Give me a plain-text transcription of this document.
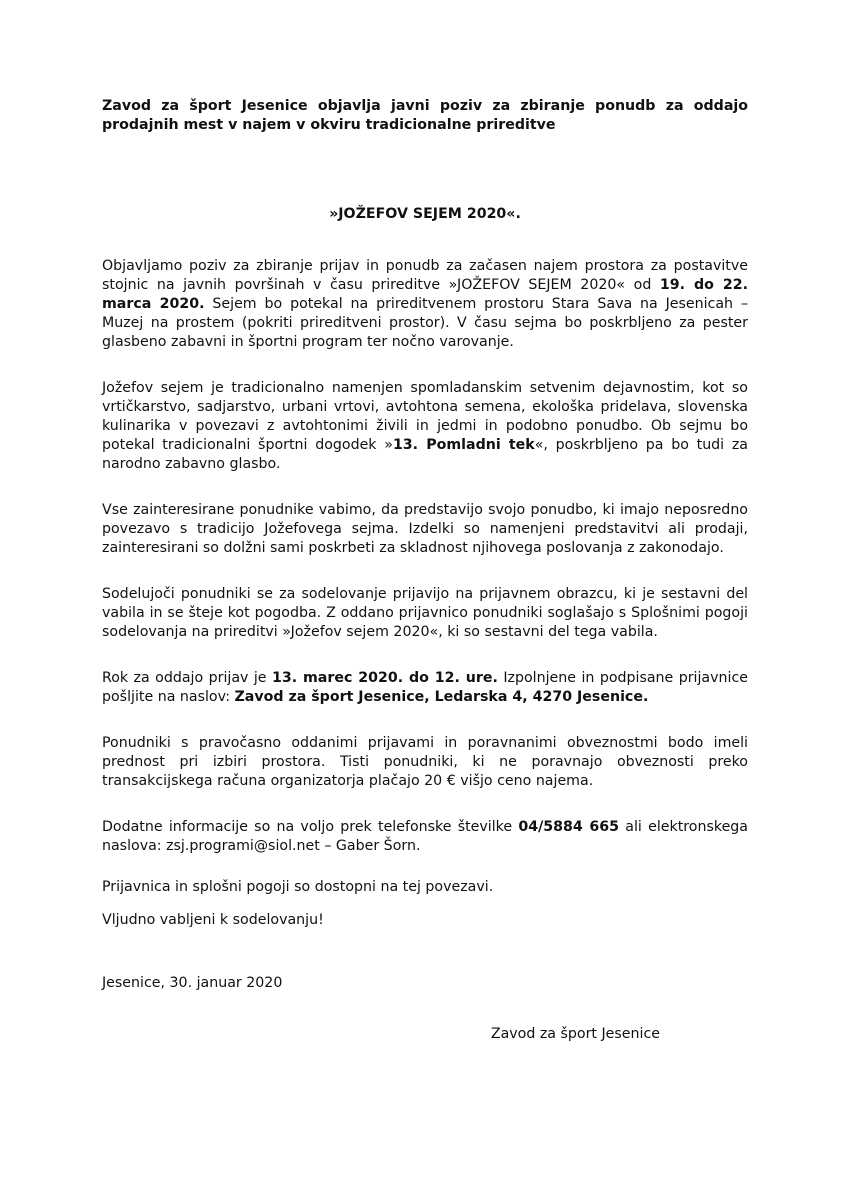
Zavod za šport Jesenice objavlja javni poziv za zbiranje ponudb za oddajo prodajnih mest v najem v okviru tradicionalne prireditve

»JOŽEFOV SEJEM 2020«.

Objavljamo poziv za zbiranje prijav in ponudb za začasen najem prostora za postavitve stojnic na javnih površinah v času prireditve »JOŽEFOV SEJEM 2020« od 19. do 22. marca 2020. Sejem bo potekal na prireditvenem prostoru Stara Sava na Jesenicah – Muzej na prostem (pokriti prireditveni prostor). V času sejma bo poskrbljeno za pester glasbeno zabavni in športni program ter nočno varovanje.

Jožefov sejem je tradicionalno namenjen spomladanskim setvenim dejavnostim, kot so vrtičkarstvo, sadjarstvo, urbani vrtovi, avtohtona semena, ekološka pridelava, slovenska kulinarika v povezavi z avtohtonimi živili in jedmi in podobno ponudbo. Ob sejmu bo potekal tradicionalni športni dogodek »13. Pomladni tek«, poskrbljeno pa bo tudi za narodno zabavno glasbo.

Vse zainteresirane ponudnike vabimo, da predstavijo svojo ponudbo, ki imajo neposredno povezavo s tradicijo Jožefovega sejma. Izdelki so namenjeni predstavitvi ali prodaji, zainteresirani so dolžni sami poskrbeti za skladnost njihovega poslovanja z zakonodajo.

Sodelujoči ponudniki se za sodelovanje prijavijo na prijavnem obrazcu, ki je sestavni del vabila in se šteje kot pogodba. Z oddano prijavnico ponudniki soglašajo s Splošnimi pogoji sodelovanja na prireditvi »Jožefov sejem 2020«, ki so sestavni del tega vabila.

Rok za oddajo prijav je 13. marec 2020. do 12. ure. Izpolnjene in podpisane prijavnice pošljite na naslov: Zavod za šport Jesenice, Ledarska 4, 4270 Jesenice.

Ponudniki s pravočasno oddanimi prijavami in poravnanimi obveznostmi bodo imeli prednost pri izbiri prostora. Tisti ponudniki, ki ne poravnajo obveznosti preko transakcijskega računa organizatorja plačajo 20 € višjo ceno najema.

Dodatne informacije so na voljo prek telefonske številke 04/5884 665 ali elektronskega naslova: zsj.programi@siol.net – Gaber Šorn.

Prijavnica in splošni pogoji so dostopni na tej povezavi.

Vljudno vabljeni k sodelovanju!

Jesenice, 30. januar 2020

Zavod za šport Jesenice
